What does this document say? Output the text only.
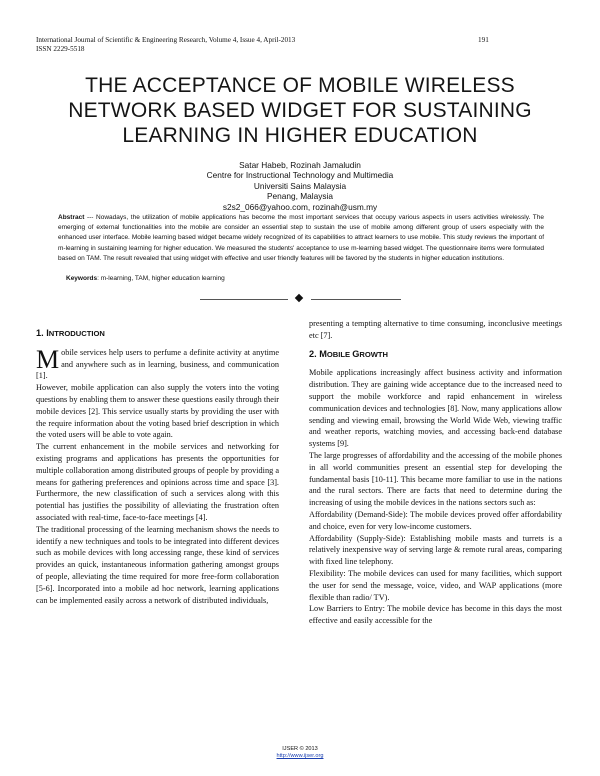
International Journal of Scientific & Engineering Research, Volume 4, Issue 4, April-2013
ISSN 2229-5518
191
THE ACCEPTANCE OF MOBILE WIRELESS NETWORK BASED WIDGET FOR SUSTAINING LEARNING IN HIGHER EDUCATION
Satar Habeb, Rozinah Jamaludin
Centre for Instructional Technology and Multimedia
Universiti Sains Malaysia
Penang, Malaysia
s2s2_066@yahoo.com, rozinah@usm.my
Abstract --- Nowadays, the utilization of mobile applications has become the most important services that occupy various aspects in users activities wirelessly. The emerging of external functionalities into the mobile are consider an essential step to sustain the use of mobile among different group of users especially with the enhanced user interface. Mobile learning based widget became widely recognized of its capabilities to attract learners to use mobile. This study reviews the important of m-learning in sustaining learning for higher education. We measured the students' acceptance to use m-learning based widget. The questionnaire items were formulated based on TAM. The result revealed that using widget with effective and user friendly features will be favored by the students in higher education institutions.
Keywords: m-learning, TAM, higher education learning
1. INTRODUCTION

Mobile services help users to perfume a definite activity at anytime and anywhere such as in learning, business, and communication [1].

However, mobile application can also supply the voters into the voting questions by enabling them to answer these questions easily through their mobile devices [2]. This service usually starts by providing the user with the require information about the voting based brief description in which the voted users will be able to vote again.

The current enhancement in the mobile services and networking for existing programs and applications has presents the opportunities for multiple collaboration among distributed groups of people by providing a means for gathering preferences and opinions across time and space [3]. Furthermore, the new classification of such a services along with this potential has justifies the possibility of alleviating the frustration often associated with real-time, face-to-face meetings [4].

The traditional processing of the learning mechanism shows the needs to identify a new techniques and tools to be integrated into different devices such as mobile devices with long accessing range, these kind of services provides an quick, instantaneous information gathering amongst groups of people, alleviating the time required for more free-form collaboration [5-6]. Incorporated into a mobile ad hoc network, learning applications can be implemented easily across a network of distributed individuals,

presenting a tempting alternative to time consuming, inconclusive meetings etc [7].

2. MOBILE GROWTH

Mobile applications increasingly affect business activity and information distribution. They are gaining wide acceptance due to the increased need to support the mobile workforce and rapid enhancement in wireless communication devices and technologies [8]. Now, many applications allow sending and viewing email, browsing the World Wide Web, viewing traffic and weather reports, watching movies, and accessing back-end database systems [9].

The large progresses of affordability and the accessing of the mobile phones in all world communities present an essential step for developing the fundamental basis [10-11]. This became more familiar to use in the nations and the rural sectors. There are facts that need to determine during the increasing of using the mobile devices in the nations sectors such as:

Affordability (Demand-Side): The mobile devices proved offer affordability and choice, even for very low-income customers.

Affordability (Supply-Side): Establishing mobile masts and turrets is a relatively inexpensive way of serving large & remote rural areas, comparing with fixed line telephony.

Flexibility: The mobile devices can used for many facilities, which support the user for send the message, voice, video, and WAP applications (more flexible than radio/ TV).

Low Barriers to Entry: The mobile device has become in this days the most effective and easily accessible for the

IJSER © 2013
http://www.ijser.org
